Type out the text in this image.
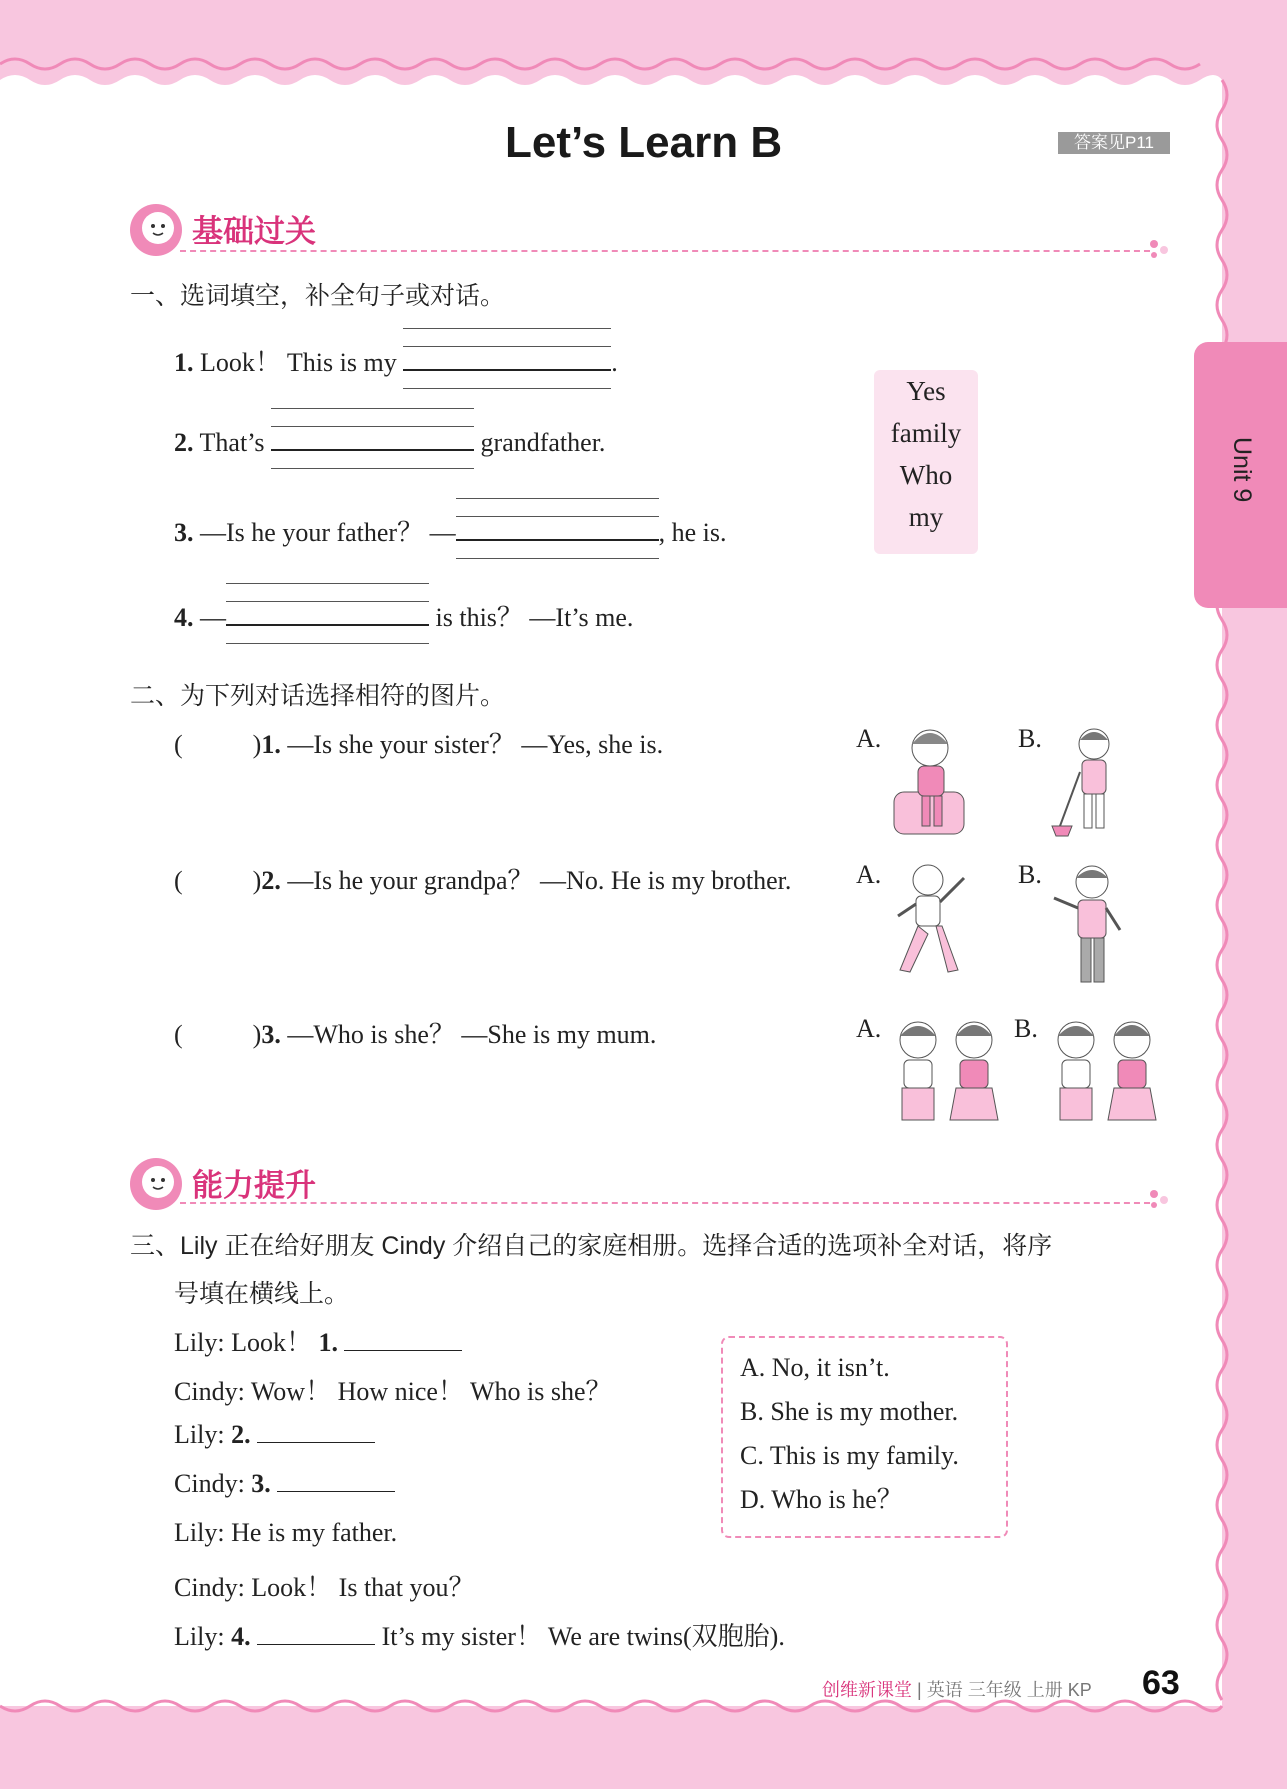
Let’s Learn B	答案见P11
Unit 9
基础过关
一、选词填空，补全句子或对话。
1. Look！ This is my	.
2. That’s	grandfather.
3. —Is he your father？ —	, he is.
4. —	is this？ —It’s me.
Yes
family
Who
my
二、为下列对话选择相符的图片。
(	)1. —Is she your sister？ —Yes, she is.	A.	B.
(	)2. —Is he your grandpa？ —No. He is my brother. A.	B.
(	)3. —Who is she？ —She is my mum.	A.	B.
能力提升
三、Lily 正在给好朋友 Cindy 介绍自己的家庭相册。选择合适的选项补全对话，将序
号填在横线上。
Lily: Look！ 1.
Cindy: Wow！ How nice！ Who is she？
Lily: 2.
Cindy: 3.
Lily: He is my father.
Cindy: Look！ Is that you？
Lily: 4.	It’s my sister！ We are twins(双胞胎).
A. No, it isn’t.
B. She is my mother.
C. This is my family.
D. Who is he？
创维新课堂 | 英语 三年级 上册 KP 63
